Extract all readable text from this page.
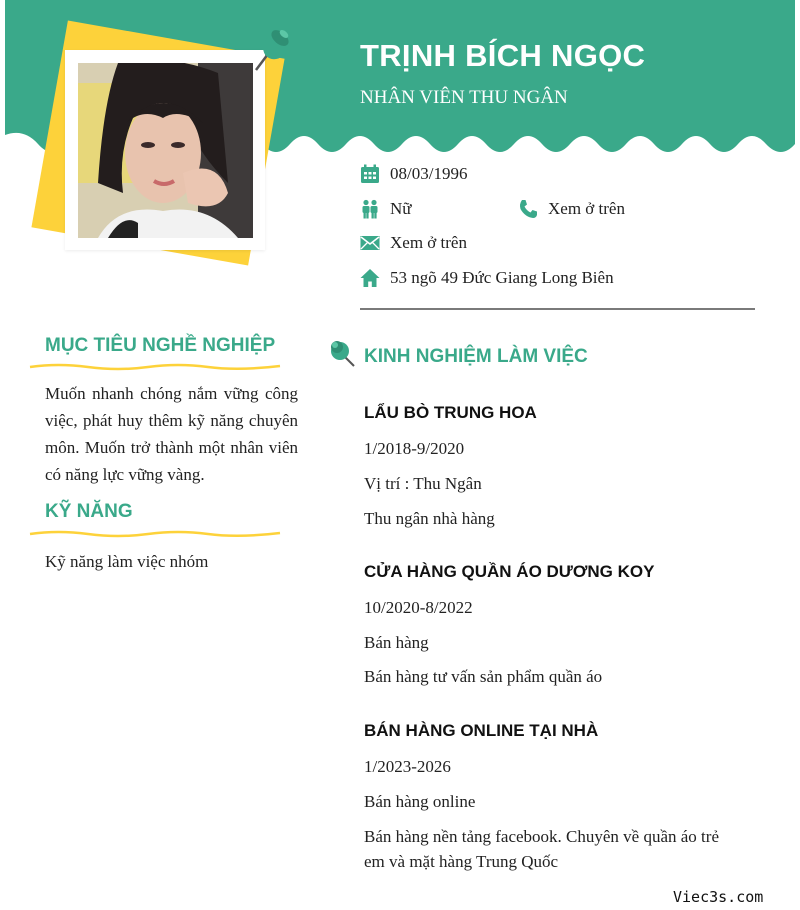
TRỊNH BÍCH NGỌC
NHÂN VIÊN THU NGÂN
08/03/1996
Nữ	Xem ở trên
Xem ở trên
53 ngõ 49 Đức Giang Long Biên
MỤC TIÊU NGHỀ NGHIỆP
Muốn nhanh chóng nắm vững công việc, phát huy thêm kỹ năng chuyên môn. Muốn trở thành một nhân viên có năng lực vững vàng.
KỸ NĂNG
Kỹ năng làm việc nhóm
KINH NGHIỆM LÀM VIỆC
LẨU BÒ TRUNG HOA
1/2018-9/2020
Vị trí : Thu Ngân
Thu ngân nhà hàng
CỬA HÀNG QUẦN ÁO DƯƠNG KOY
10/2020-8/2022
Bán hàng
Bán hàng tư vấn sản phẩm quần áo
BÁN HÀNG ONLINE TẠI NHÀ
1/2023-2026
Bán hàng online
Bán hàng nền tảng facebook. Chuyên về quần áo trẻ em và mặt hàng Trung Quốc
Viec3s.com
